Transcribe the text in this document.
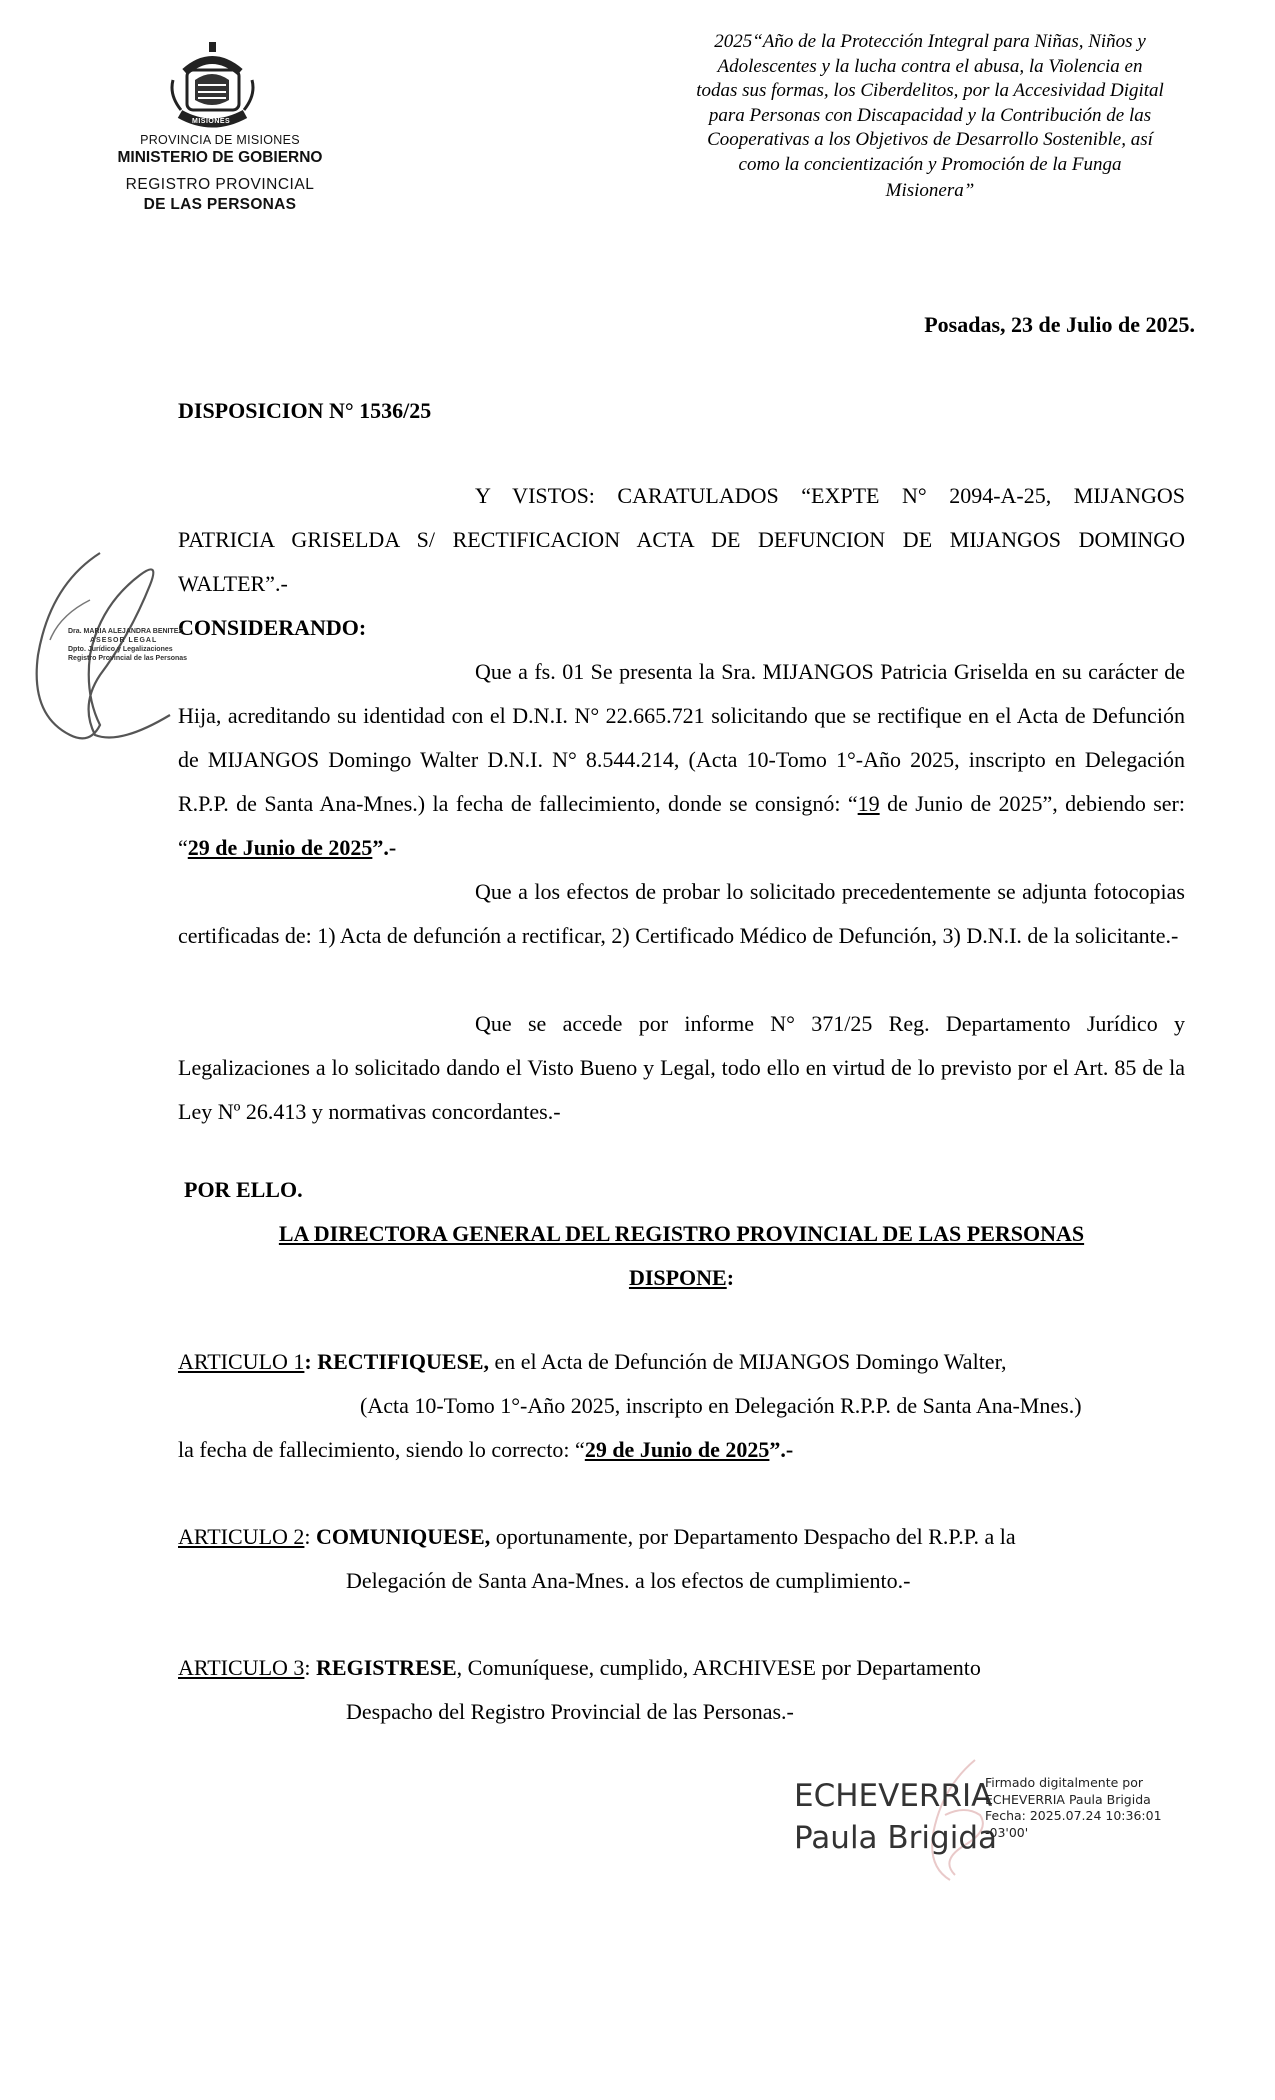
MISIONES
PROVINCIA DE MISIONES
MINISTERIO DE GOBIERNO
REGISTRO PROVINCIAL
DE LAS PERSONAS
2025“Año de la Protección Integral para Niñas, Niños y
Adolescentes y la lucha contra el abusa, la Violencia en
todas sus formas, los Ciberdelitos, por la Accesividad Digital
para Personas con Discapacidad y la Contribución de las
Cooperativas a los Objetivos de Desarrollo Sostenible, así
como la concientización y Promoción de la Funga
Misionera”
Posadas, 23 de Julio de 2025.
DISPOSICION N° 1536/25
Y VISTOS: CARATULADOS “EXPTE N° 2094-A-25, MIJANGOS PATRICIA GRISELDA S/ RECTIFICACION ACTA DE DEFUNCION DE MIJANGOS DOMINGO WALTER”.-
CONSIDERANDO:
Que a fs. 01 Se presenta la Sra. MIJANGOS Patricia Griselda en su carácter de Hija, acreditando su identidad con el D.N.I. N° 22.665.721 solicitando que se rectifique en el Acta de Defunción de MIJANGOS Domingo Walter D.N.I. N° 8.544.214, (Acta 10-Tomo 1°-Año 2025, inscripto en Delegación R.P.P. de Santa Ana-Mnes.) la fecha de fallecimiento, donde se consignó: “19 de Junio de 2025”, debiendo ser: “29 de Junio de 2025”.-
Que a los efectos de probar lo solicitado precedentemente se adjunta fotocopias certificadas de: 1) Acta de defunción a rectificar, 2) Certificado Médico de Defunción, 3) D.N.I. de la solicitante.-
Que se accede por informe N° 371/25 Reg. Departamento Jurídico y Legalizaciones a lo solicitado dando el Visto Bueno y Legal, todo ello en virtud de lo previsto por el Art. 85 de la Ley Nº 26.413 y normativas concordantes.-
POR ELLO.
LA DIRECTORA GENERAL DEL REGISTRO PROVINCIAL DE LAS PERSONAS
DISPONE:
ARTICULO 1: RECTIFIQUESE, en el Acta de Defunción de MIJANGOS Domingo Walter,
(Acta 10-Tomo 1°-Año 2025, inscripto en Delegación R.P.P. de Santa Ana-Mnes.)
la fecha de fallecimiento, siendo lo correcto: “29 de Junio de 2025”.-
ARTICULO 2: COMUNIQUESE, oportunamente, por Departamento Despacho del R.P.P. a la
Delegación de Santa Ana-Mnes. a los efectos de cumplimiento.-
ARTICULO 3: REGISTRESE, Comuníquese, cumplido, ARCHIVESE por Departamento
Despacho del Registro Provincial de las Personas.-
Dra. MARIA ALEJANDRA BENITEZ
ASESOR LEGAL
Dpto. Jurídico y Legalizaciones
Registro Provincial de las Personas
ECHEVERRIA
Paula Brigida
Firmado digitalmente por
ECHEVERRIA Paula Brigida
Fecha: 2025.07.24 10:36:01
-03'00'
